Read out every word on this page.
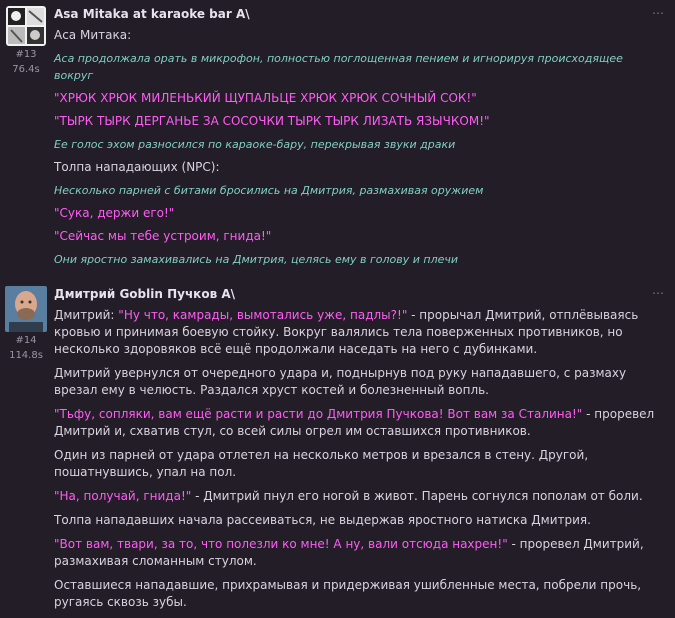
#13
76.4s
Asa Mitaka at karaoke bar A\
Аса Митака:
Аса продолжала орать в микрофон, полностью поглощенная пением и игнорируя происходящее вокруг
"ХРЮК ХРЮК МИЛЕНЬКИЙ ЩУПАЛЬЦЕ ХРЮК ХРЮК СОЧНЫЙ СОК!"
"ТЫРК ТЫРК ДЕРГАНЬЕ ЗА СОСОЧКИ ТЫРК ТЫРК ЛИЗАТЬ ЯЗЫЧКОМ!"
Ее голос эхом разносился по караоке-бару, перекрывая звуки драки
Толпа нападающих (NPC):
Несколько парней с битами бросились на Дмитрия, размахивая оружием
"Сука, держи его!"
"Сейчас мы тебе устроим, гнида!"
Они яростно замахивались на Дмитрия, целясь ему в голову и плечи
⋯
#14
114.8s
Дмитрий Goblin Пучков A\
Дмитрий: "Ну что, камрады, вымотались уже, падлы?!" - прорычал Дмитрий, отплёвываясь кровью и принимая боевую стойку. Вокруг валялись тела поверженных противников, но несколько здоровяков всё ещё продолжали наседать на него с дубинками.
Дмитрий увернулся от очередного удара и, поднырнув под руку нападавшего, с размаху врезал ему в челюсть. Раздался хруст костей и болезненный вопль.
"Тьфу, сопляки, вам ещё расти и расти до Дмитрия Пучкова! Вот вам за Сталина!" - проревел Дмитрий и, схватив стул, со всей силы огрел им оставшихся противников.
Один из парней от удара отлетел на несколько метров и врезался в стену. Другой, пошатнувшись, упал на пол.
"На, получай, гнида!" - Дмитрий пнул его ногой в живот. Парень согнулся пополам от боли.
Толпа нападавших начала рассеиваться, не выдержав яростного натиска Дмитрия.
"Вот вам, твари, за то, что полезли ко мне! А ну, вали отсюда нахрен!" - проревел Дмитрий, размахивая сломанным стулом.
Оставшиеся нападавшие, прихрамывая и придерживая ушибленные места, побрели прочь, ругаясь сквозь зубы.
⋯
